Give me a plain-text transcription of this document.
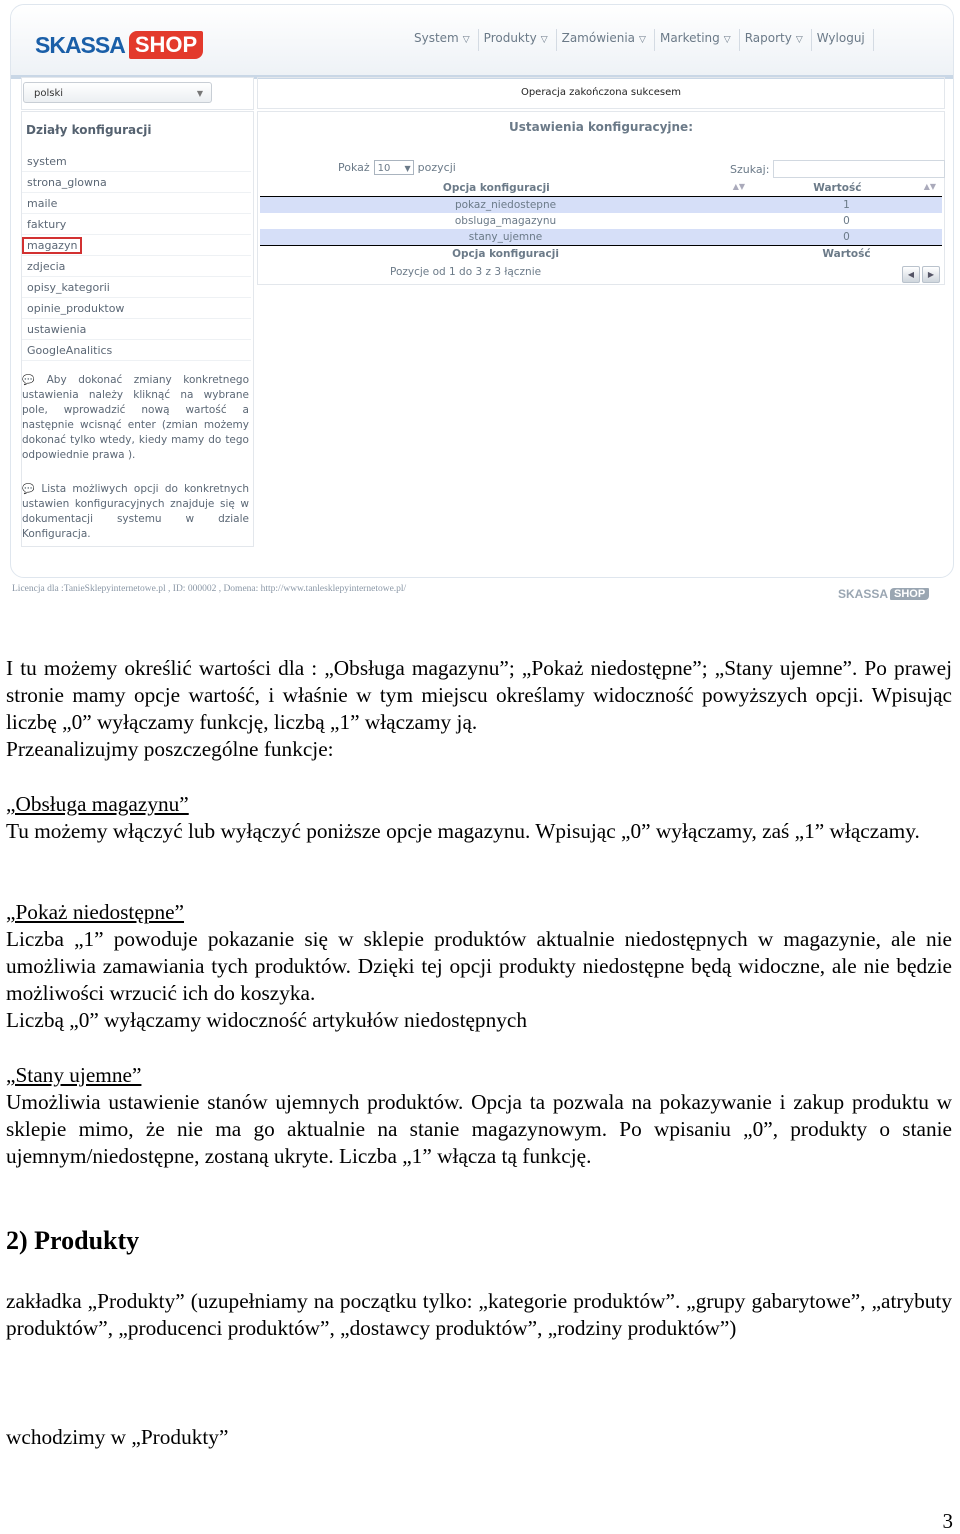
SKASSA SHOP	System ▽	Produkty ▽	Zamówienia ▽	Marketing ▽	Raporty ▽	Wyloguj
polski	▼
Działy konfiguracji
system
strona_glowna
maile
faktury
magazyn
zdjecia
opisy_kategorii
opinie_produktow
ustawienia
GoogleAnalitics
💬 Aby dokonać zmiany konkretnego ustawienia należy kliknąć na wybrane pole, wprowadzić nową wartość a następnie wcisnąć enter (zmian możemy dokonać tylko wtedy, kiedy mamy do tego odpowiednie prawa ).
💬 Lista możliwych opcji do konkretnych ustawien konfiguracyjnych znajduje się w dokumentacji systemu w dziale Konfiguracja.
Operacja zakończona sukcesem
Ustawienia konfiguracyjne:
Pokaż 10 ▼ pozycji	Szukaj:
Opcja konfiguracji ▲▼	Wartość ▲▼

pokaz_niedostepne	1
obsluga_magazynu	0
stany_ujemne	0
Opcja konfiguracji	Wartość
Pozycje od 1 do 3 z 3 łącznie	◀	▶
Licencja dla :TanieSklepyinternetowe.pl , ID: 000002 , Domena: http://www.tanlesklepyinternetowe.pl/	SKASSA SHOP

I tu możemy określić wartości dla : „Obsługa magazynu”; „Pokaż niedostępne”; „Stany ujemne”. Po prawej stronie mamy opcje wartość, i właśnie w tym miejscu określamy widoczność powyższych opcji. Wpisując liczbę „0” wyłączamy funkcję, liczbą „1” włączamy ją.

Przeanalizujmy poszczególne funkcje:

„Obsługa magazynu”

Tu możemy włączyć lub wyłączyć poniższe opcje magazynu. Wpisując „0” wyłączamy, zaś „1” włączamy.

„Pokaż niedostępne”

Liczba „1” powoduje pokazanie się w sklepie produktów aktualnie niedostępnych w magazynie, ale nie umożliwia zamawiania tych produktów. Dzięki tej opcji produkty niedostępne będą widoczne, ale nie będzie możliwości wrzucić ich do koszyka.

Liczbą „0” wyłączamy widoczność artykułów niedostępnych

„Stany ujemne”

Umożliwia ustawienie stanów ujemnych produktów. Opcja ta pozwala na pokazywanie i zakup produktu w sklepie mimo, że nie ma go aktualnie na stanie magazynowym. Po wpisaniu „0”, produkty o stanie ujemnym/niedostępne, zostaną ukryte. Liczba „1” włącza tą funkcję.

2) Produkty

zakładka „Produkty” (uzupełniamy na początku tylko: „kategorie produktów”. „grupy gabarytowe”, „atrybuty produktów”, „producenci produktów”, „dostawcy produktów”, „rodziny produktów”)

wchodzimy w „Produkty”

3
